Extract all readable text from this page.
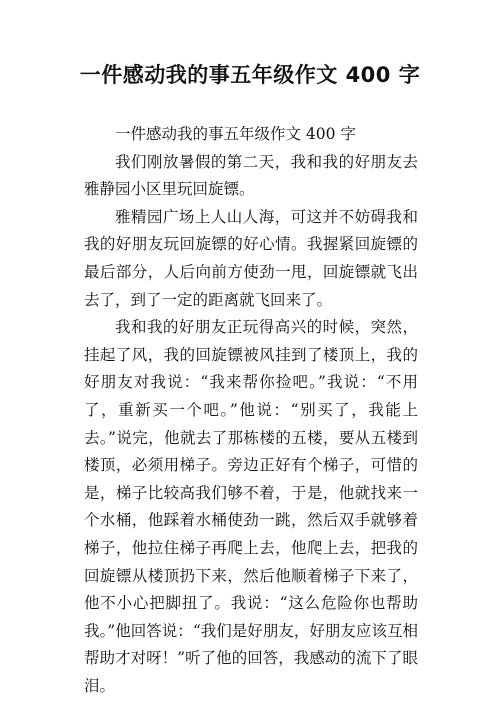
一件感动我的事五年级作文 400 字

一件感动我的事五年级作文 400 字

我们刚放暑假的第二天，我和我的好朋友去雅静园小区里玩回旋镖。

雅精园广场上人山人海，可这并不妨碍我和我的好朋友玩回旋镖的好心情。我握紧回旋镖的最后部分，人后向前方使劲一甩，回旋镖就飞出去了，到了一定的距离就飞回来了。

我和我的好朋友正玩得高兴的时候，突然，挂起了风，我的回旋镖被风挂到了楼顶上，我的好朋友对我说：“我来帮你捡吧。”我说：“不用了，重新买一个吧。”他说：“别买了，我能上去。”说完，他就去了那栋楼的五楼，要从五楼到楼顶，必须用梯子。旁边正好有个梯子，可惜的是，梯子比较高我们够不着，于是，他就找来一个水桶，他踩着水桶使劲一跳，然后双手就够着梯子，他拉住梯子再爬上去，他爬上去，把我的回旋镖从楼顶扔下来，然后他顺着梯子下来了，他不小心把脚扭了。我说：“这么危险你也帮助我。”他回答说：“我们是好朋友，好朋友应该互相帮助才对呀！”听了他的回答，我感动的流下了眼泪。
